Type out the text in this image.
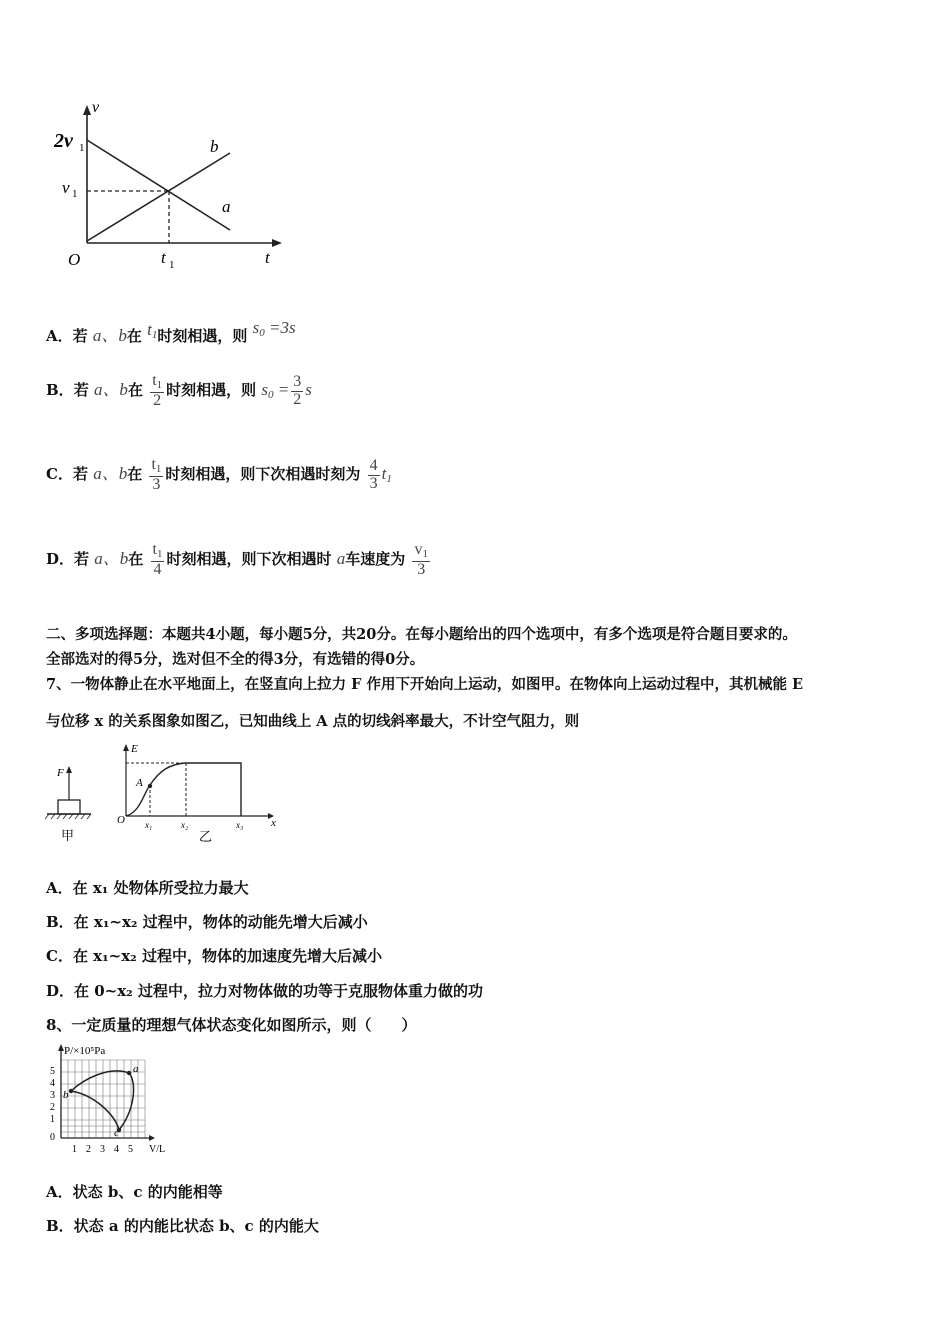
v
t
O
2v 1
v 1
t 1
b
a
A．若 a、b在 $t_1$时刻相遇，则 $s_0 =3s$
B．若 a、b在 $\frac{t_1}{2}$ 时刻相遇，则 $s_0 = \frac{3}{2}$ s
C．若 a、b在 $\frac{t_1}{3}$ 时刻相遇，则下次相遇时刻为 $\frac{4}{3} t_1$
D．若 a、b在 $\frac{t_1}{4}$ 时刻相遇，则下次相遇时 a车速度为 $\frac{v_1}{3}$
二、多项选择题：本题共4小题，每小题5分，共20分。在每小题给出的四个选项中，有多个选项是符合题目要求的。
全部选对的得5分，选对但不全的得3分，有选错的得0分。
7、一物体静止在水平地面上，在竖直向上拉力 F 作用下开始向上运动，如图甲。在物体向上运动过程中，其机械能 E
与位移 x 的关系图象如图乙，已知曲线上 A 点的切线斜率最大，不计空气阻力，则
F
甲
E
O	x
A
x₁	x₂	x₃
乙
A．在 x₁ 处物体所受拉力最大
B．在 x₁~x₂ 过程中，物体的动能先增大后减小
C．在 x₁~x₂ 过程中，物体的加速度先增大后减小
D．在 0~x₂ 过程中，拉力对物体做的功等于克服物体重力做的功
8、一定质量的理想气体状态变化如图所示，则（　　）
P/×10⁵Pa
5
4
3
2
1
0
1 2 3 4 5 V/L
a
b
c
A．状态 b、c 的内能相等
B．状态 a 的内能比状态 b、c 的内能大
